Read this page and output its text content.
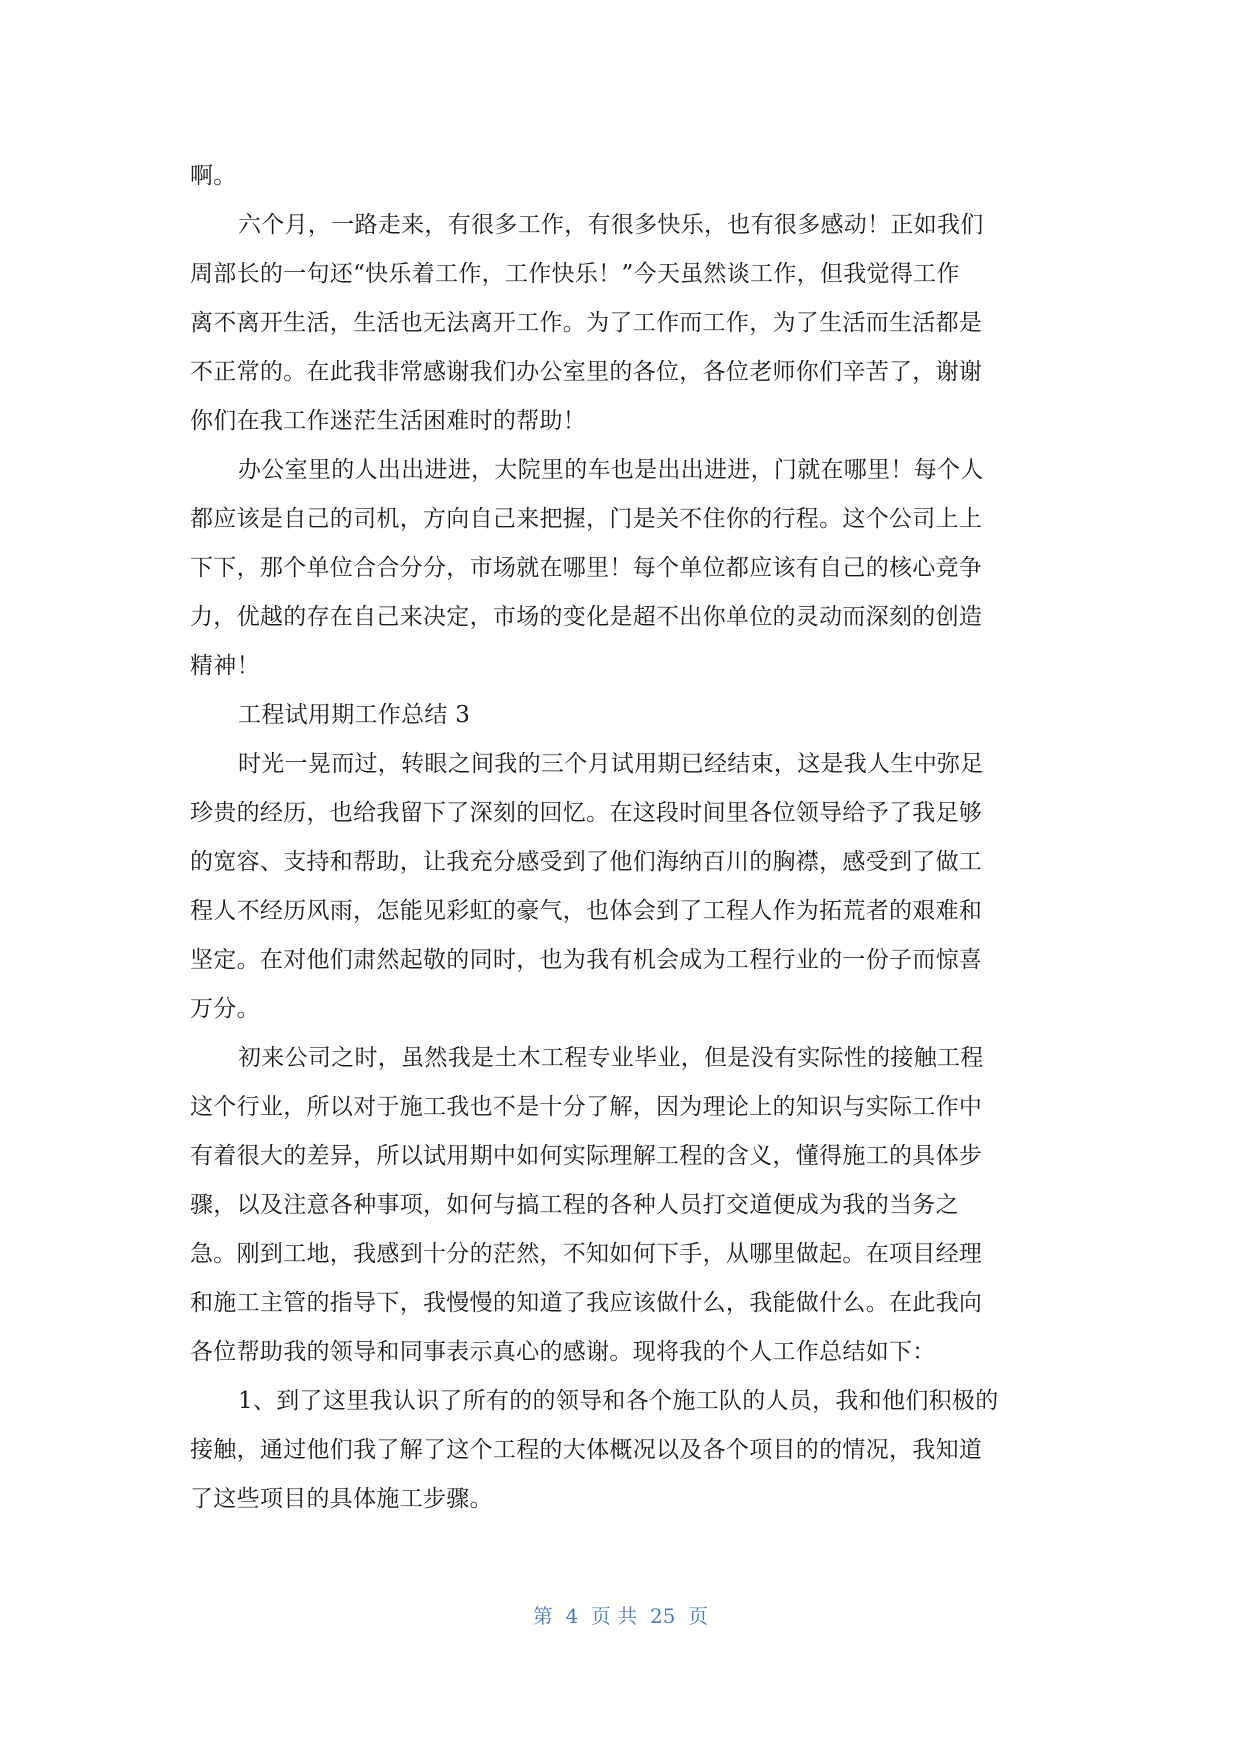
啊。
六个月，一路走来，有很多工作，有很多快乐，也有很多感动！正如我们
周部长的一句还“快乐着工作，工作快乐！”今天虽然谈工作，但我觉得工作
离不离开生活，生活也无法离开工作。为了工作而工作，为了生活而生活都是
不正常的。在此我非常感谢我们办公室里的各位，各位老师你们辛苦了，谢谢
你们在我工作迷茫生活困难时的帮助！
办公室里的人出出进进，大院里的车也是出出进进，门就在哪里！每个人
都应该是自己的司机，方向自己来把握，门是关不住你的行程。这个公司上上
下下，那个单位合合分分，市场就在哪里！每个单位都应该有自己的核心竞争
力，优越的存在自己来决定，市场的变化是超不出你单位的灵动而深刻的创造
精神！
工程试用期工作总结 3
时光一晃而过，转眼之间我的三个月试用期已经结束，这是我人生中弥足
珍贵的经历，也给我留下了深刻的回忆。在这段时间里各位领导给予了我足够
的宽容、支持和帮助，让我充分感受到了他们海纳百川的胸襟，感受到了做工
程人不经历风雨，怎能见彩虹的豪气，也体会到了工程人作为拓荒者的艰难和
坚定。在对他们肃然起敬的同时，也为我有机会成为工程行业的一份子而惊喜
万分。
初来公司之时，虽然我是土木工程专业毕业，但是没有实际性的接触工程
这个行业，所以对于施工我也不是十分了解，因为理论上的知识与实际工作中
有着很大的差异，所以试用期中如何实际理解工程的含义，懂得施工的具体步
骤，以及注意各种事项，如何与搞工程的各种人员打交道便成为我的当务之
急。刚到工地，我感到十分的茫然，不知如何下手，从哪里做起。在项目经理
和施工主管的指导下，我慢慢的知道了我应该做什么，我能做什么。在此我向
各位帮助我的领导和同事表示真心的感谢。现将我的个人工作总结如下：
1、到了这里我认识了所有的的领导和各个施工队的人员，我和他们积极的
接触，通过他们我了解了这个工程的大体概况以及各个项目的的情况，我知道
了这些项目的具体施工步骤。
第  4  页 共  25  页
